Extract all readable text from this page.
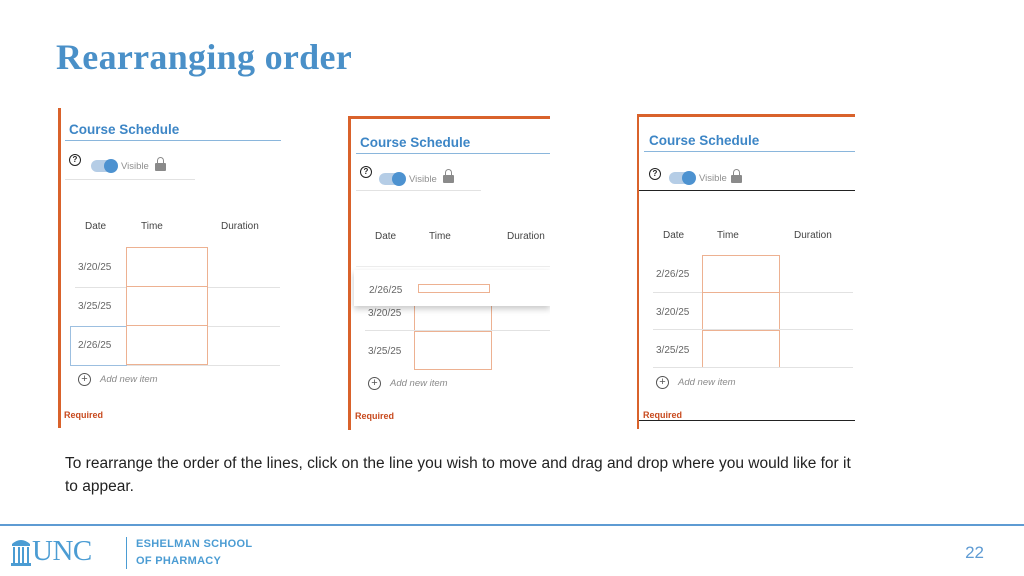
Rearranging order
Course Schedule
?
Visible
Date	Time	Duration
3/20/25
3/25/25
2/26/25
+	Add new item
Required
Course Schedule
?
Visible
Date	Time	Duration
3/20/25
3/25/25
2/26/25
+	Add new item
Required
Course Schedule
?	Visible
Date	Time	Duration
2/26/25
3/20/25
3/25/25
+	Add new item
Required

To rearrange the order of the lines, click on the line you wish to move and drag and drop where you would like for it to appear.

UNC	ESHELMAN SCHOOL
OF PHARMACY	22
